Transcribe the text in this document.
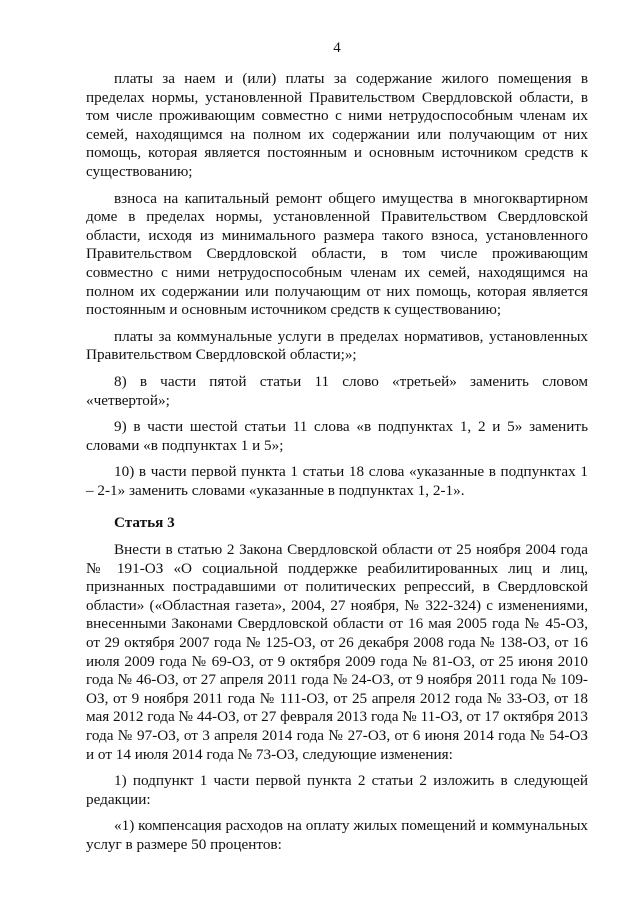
4

платы за наем и (или) платы за содержание жилого помещения в пределах нормы, установленной Правительством Свердловской области, в том числе проживающим совместно с ними нетрудоспособным членам их семей, находящимся на полном их содержании или получающим от них помощь, которая является постоянным и основным источником средств к существованию;

взноса на капитальный ремонт общего имущества в многоквартирном доме в пределах нормы, установленной Правительством Свердловской области, исходя из минимального размера такого взноса, установленного Правительством Свердловской области, в том числе проживающим совместно с ними нетрудоспособным членам их семей, находящимся на полном их содержании или получающим от них помощь, которая является постоянным и основным источником средств к существованию;

платы за коммунальные услуги в пределах нормативов, установленных Правительством Свердловской области;»;

8) в части пятой статьи 11 слово «третьей» заменить словом «четвертой»;

9) в части шестой статьи 11 слова «в подпунктах 1, 2 и 5» заменить словами «в подпунктах 1 и 5»;

10) в части первой пункта 1 статьи 18 слова «указанные в подпунктах 1 – 2-1» заменить словами «указанные в подпунктах 1, 2-1».

Статья 3

Внести в статью 2 Закона Свердловской области от 25 ноября 2004 года № 191-ОЗ «О социальной поддержке реабилитированных лиц и лиц, признанных пострадавшими от политических репрессий, в Свердловской области» («Областная газета», 2004, 27 ноября, № 322-324) с изменениями, внесенными Законами Свердловской области от 16 мая 2005 года № 45-ОЗ, от 29 октября 2007 года № 125-ОЗ, от 26 декабря 2008 года № 138-ОЗ, от 16 июля 2009 года № 69-ОЗ, от 9 октября 2009 года № 81-ОЗ, от 25 июня 2010 года № 46-ОЗ, от 27 апреля 2011 года № 24-ОЗ, от 9 ноября 2011 года № 109-ОЗ, от 9 ноября 2011 года № 111-ОЗ, от 25 апреля 2012 года № 33-ОЗ, от 18 мая 2012 года № 44-ОЗ, от 27 февраля 2013 года № 11-ОЗ, от 17 октября 2013 года № 97-ОЗ, от 3 апреля 2014 года № 27-ОЗ, от 6 июня 2014 года № 54-ОЗ и от 14 июля 2014 года № 73-ОЗ, следующие изменения:

1) подпункт 1 части первой пункта 2 статьи 2 изложить в следующей редакции:

«1) компенсация расходов на оплату жилых помещений и коммунальных услуг в размере 50 процентов:
